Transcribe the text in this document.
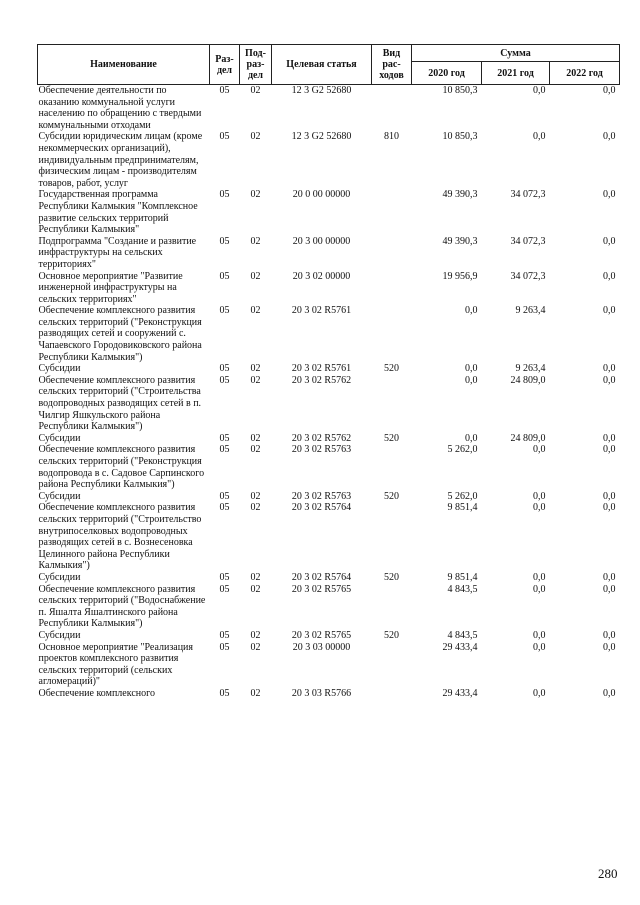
Наименование	Раз-дел	Под-раз-дел	Целевая статья	Вид рас-ходов	Сумма		
					2020 год	2021 год	2022 год
Обеспечение деятельности по оказанию коммунальной услуги населению по обращению с твердыми коммунальными отходами	05	02	12 3 G2 52680		10 850,3	0,0	0,0
Субсидии юридическим лицам (кроме некоммерческих организаций), индивидуальным предпринимателям, физическим лицам - производителям товаров, работ, услуг	05	02	12 3 G2 52680	810	10 850,3	0,0	0,0
Государственная программа Республики Калмыкия "Комплексное развитие сельских территорий Республики Калмыкия"	05	02	20 0 00 00000		49 390,3	34 072,3	0,0
Подпрограмма "Создание и развитие инфраструктуры на сельских территориях"	05	02	20 3 00 00000		49 390,3	34 072,3	0,0
Основное мероприятие "Развитие инженерной инфраструктуры на сельских территориях"	05	02	20 3 02 00000		19 956,9	34 072,3	0,0
Обеспечение комплексного развития сельских территорий ("Реконструкция разводящих сетей и сооружений с. Чапаевского Городовиковского района Республики Калмыкия")	05	02	20 3 02 R5761		0,0	9 263,4	0,0
Субсидии	05	02	20 3 02 R5761	520	0,0	9 263,4	0,0
Обеспечение комплексного развития сельских территорий ("Строительства водопроводных разводящих сетей в п. Чилгир Яшкульского района Республики Калмыкия")	05	02	20 3 02 R5762		0,0	24 809,0	0,0
Субсидии	05	02	20 3 02 R5762	520	0,0	24 809,0	0,0
Обеспечение комплексного развития сельских территорий ("Реконструкция водопровода в с. Садовое Сарпинского района Республики Калмыкия")	05	02	20 3 02 R5763		5 262,0	0,0	0,0
Субсидии	05	02	20 3 02 R5763	520	5 262,0	0,0	0,0
Обеспечение комплексного развития сельских территорий ("Строительство внутрипоселковых водопроводных разводящих сетей в с. Вознесеновка Целинного района Республики Калмыкия")	05	02	20 3 02 R5764		9 851,4	0,0	0,0
Субсидии	05	02	20 3 02 R5764	520	9 851,4	0,0	0,0
Обеспечение комплексного развития сельских территорий ("Водоснабжение п. Яшалта Яшалтинского района Республики Калмыкия")	05	02	20 3 02 R5765		4 843,5	0,0	0,0
Субсидии	05	02	20 3 02 R5765	520	4 843,5	0,0	0,0
Основное мероприятие "Реализация проектов комплексного развития сельских территорий (сельских агломераций)"	05	02	20 3 03 00000		29 433,4	0,0	0,0
Обеспечение комплексного	05	02	20 3 03 R5766		29 433,4	0,0	0,0
280
